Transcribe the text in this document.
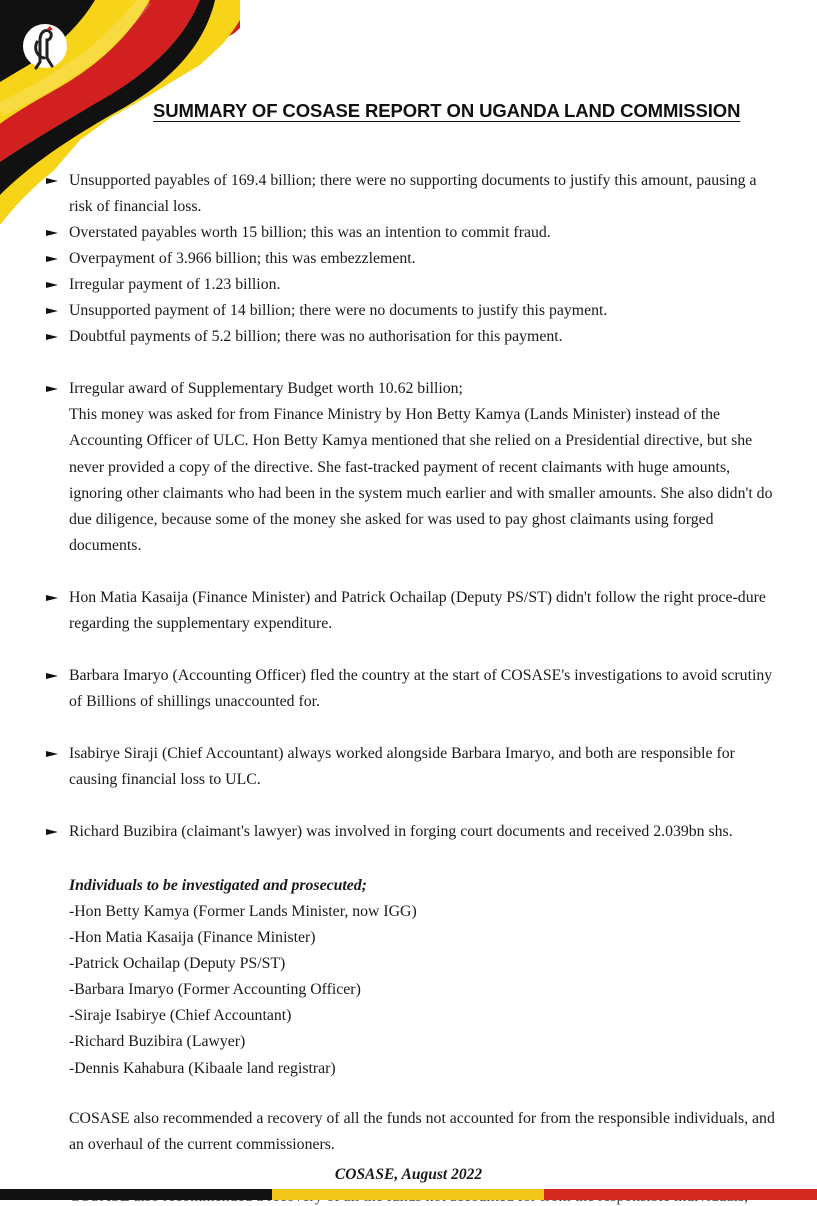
SUMMARY OF COSASE REPORT ON UGANDA LAND COMMISSION

Unsupported payables of 169.4 billion; there were no supporting documents to justify this amount, pausing a risk of financial loss.

Overstated payables worth 15 billion; this was an intention to commit fraud.

Overpayment of 3.966 billion; this was embezzlement.

Irregular payment of 1.23 billion.

Unsupported payment of 14 billion; there were no documents to justify this payment.

Doubtful payments of 5.2 billion; there was no authorisation for this payment.

Irregular award of Supplementary Budget worth 10.62 billion;
This money was asked for from Finance Ministry by Hon Betty Kamya (Lands Minister) instead of the Accounting Officer of ULC. Hon Betty Kamya mentioned that she relied on a Presidential directive, but she never provided a copy of the directive. She fast-tracked payment of recent claimants with huge amounts, ignoring other claimants who had been in the system much earlier and with smaller amounts. She also didn't do due diligence, because some of the money she asked for was used to pay ghost claimants using forged documents.

Hon Matia Kasaija (Finance Minister) and Patrick Ochailap (Deputy PS/ST) didn't follow the right proce-dure regarding the supplementary expenditure.

Barbara Imaryo (Accounting Officer) fled the country at the start of COSASE's investigations to avoid scrutiny of Billions of shillings unaccounted for.

Isabirye Siraji (Chief Accountant) always worked alongside Barbara Imaryo, and both are responsible for causing financial loss to ULC.

Richard Buzibira (claimant's lawyer) was involved in forging court documents and received 2.039bn shs.

Individuals to be investigated and prosecuted;

-Hon Betty Kamya (Former Lands Minister, now IGG)
-Hon Matia Kasaija (Finance Minister)
-Patrick Ochailap (Deputy PS/ST)
-Barbara Imaryo (Former Accounting Officer)
-Siraje Isabirye (Chief Accountant)
-Richard Buzibira (Lawyer)
-Dennis Kahabura (Kibaale land registrar)

COSASE also recommended a recovery of all the funds not accounted for from the responsible individuals, and an overhaul of the current commissioners.

COSASE, August 2022
